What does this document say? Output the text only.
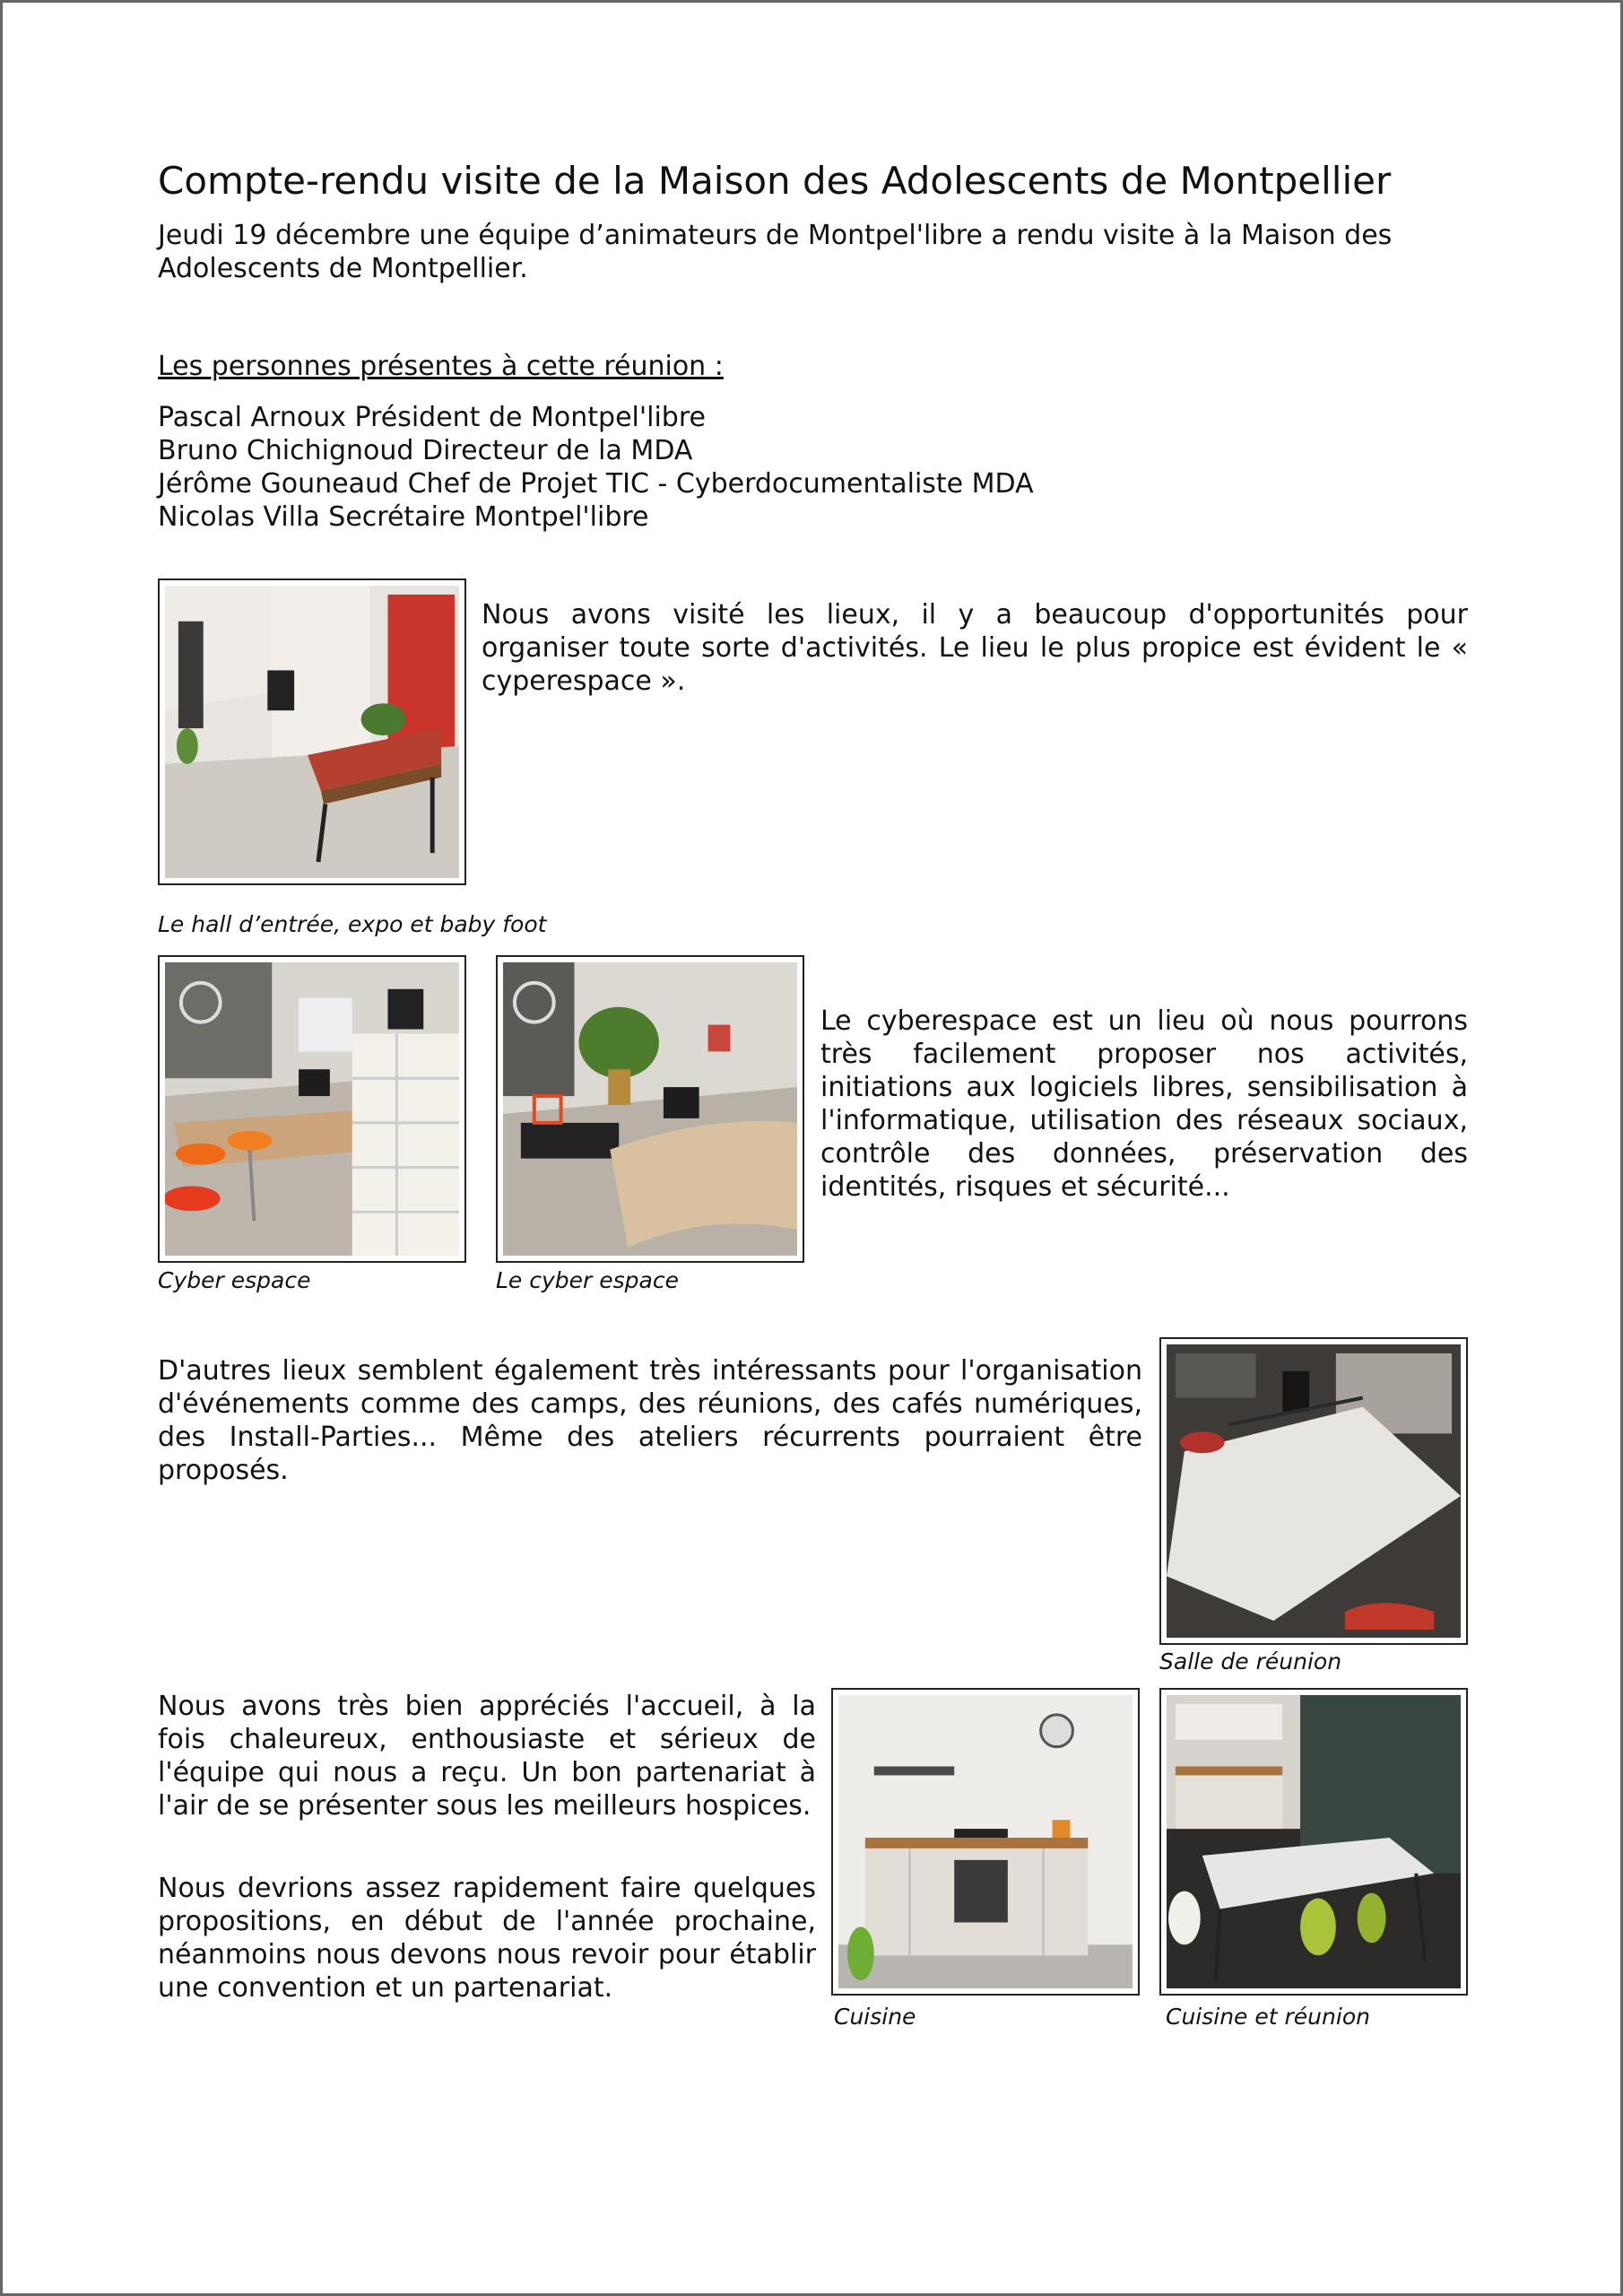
Compte-rendu visite de la Maison des Adolescents de Montpellier
Jeudi 19 décembre une équipe d’animateurs de Montpel'libre a rendu visite à la Maison des Adolescents de Montpellier.
Les personnes présentes à cette réunion :
Pascal Arnoux Président de Montpel'libre
Bruno Chichignoud Directeur de la MDA
Jérôme Gouneaud Chef de Projet TIC - Cyberdocumentaliste MDA
Nicolas Villa Secrétaire Montpel'libre
Le hall d’entrée, expo et baby foot
Nous avons visité les lieux, il y a beaucoup d'opportunités pour organiser toute sorte d'activités. Le lieu le plus propice est évident le « cyperespace ».
Cyber espace	Le cyber espace
Le cyberespace est un lieu où nous pourrons très facilement proposer nos activités, initiations aux logiciels libres, sensibilisation à l'informatique, utilisation des réseaux sociaux, contrôle des données, préservation des identités, risques et sécurité...
D'autres lieux semblent également très intéressants pour l'organisation d'événements comme des camps, des réunions, des cafés numériques, des Install-Parties... Même des ateliers récurrents pourraient être proposés.
Salle de réunion
Nous avons très bien appréciés l'accueil, à la fois chaleureux, enthousiaste et sérieux de l'équipe qui nous a reçu. Un bon partenariat à l'air de se présenter sous les meilleurs hospices.
Nous devrions assez rapidement faire quelques propositions, en début de l'année prochaine, néanmoins nous devons nous revoir pour établir une convention et un partenariat.
Cuisine	Cuisine et réunion
